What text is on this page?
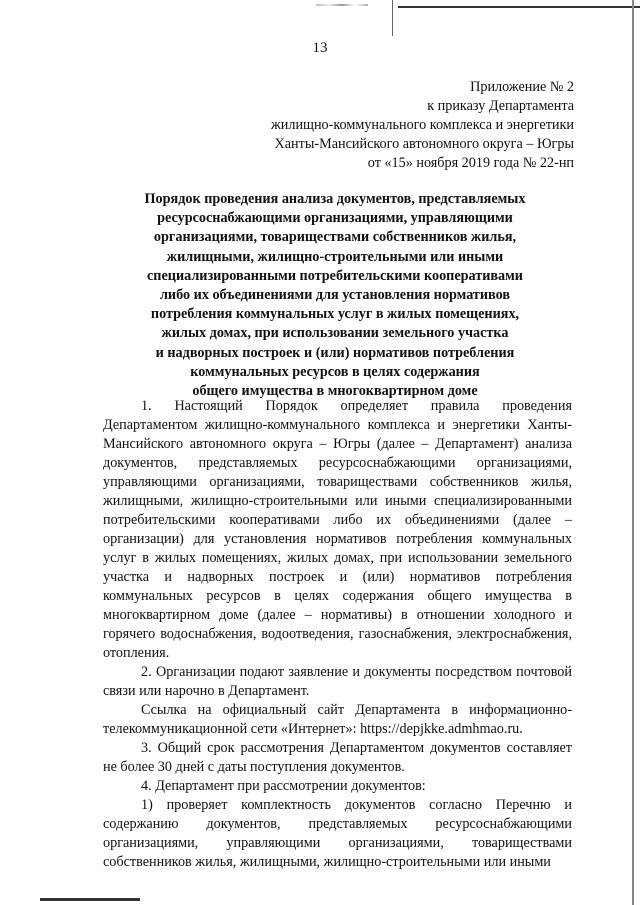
13
Приложение № 2
к приказу Департамента
жилищно-коммунального комплекса и энергетики
Ханты-Мансийского автономного округа – Югры
от «15» ноября 2019 года № 22-нп
Порядок проведения анализа документов, представляемых
ресурсоснабжающими организациями, управляющими
организациями, товариществами собственников жилья,
жилищными, жилищно-строительными или иными
специализированными потребительскими кооперативами
либо их объединениями для установления нормативов
потребления коммунальных услуг в жилых помещениях,
жилых домах, при использовании земельного участка
и надворных построек и (или) нормативов потребления
коммунальных ресурсов в целях содержания
общего имущества в многоквартирном доме

1. Настоящий Порядок определяет правила проведения Департаментом жилищно-коммунального комплекса и энергетики Ханты-Мансийского автономного округа – Югры (далее – Департамент) анализа документов, представляемых ресурсоснабжающими организациями, управляющими организациями, товариществами собственников жилья, жилищными, жилищно-строительными или иными специализированными потребительскими кооперативами либо их объединениями (далее – организации) для установления нормативов потребления коммунальных услуг в жилых помещениях, жилых домах, при использовании земельного участка и надворных построек и (или) нормативов потребления коммунальных ресурсов в целях содержания общего имущества в многоквартирном доме (далее – нормативы) в отношении холодного и горячего водоснабжения, водоотведения, газоснабжения, электроснабжения, отопления.

2. Организации подают заявление и документы посредством почтовой связи или нарочно в Департамент.

Ссылка на официальный сайт Департамента в информационно-телекоммуникационной сети «Интернет»: https://depjkke.admhmao.ru.

3. Общий срок рассмотрения Департаментом документов составляет не более 30 дней с даты поступления документов.

4. Департамент при рассмотрении документов:

1) проверяет комплектность документов согласно Перечню и содержанию документов, представляемых ресурсоснабжающими организациями, управляющими организациями, товариществами собственников жилья, жилищными, жилищно-строительными или иными
